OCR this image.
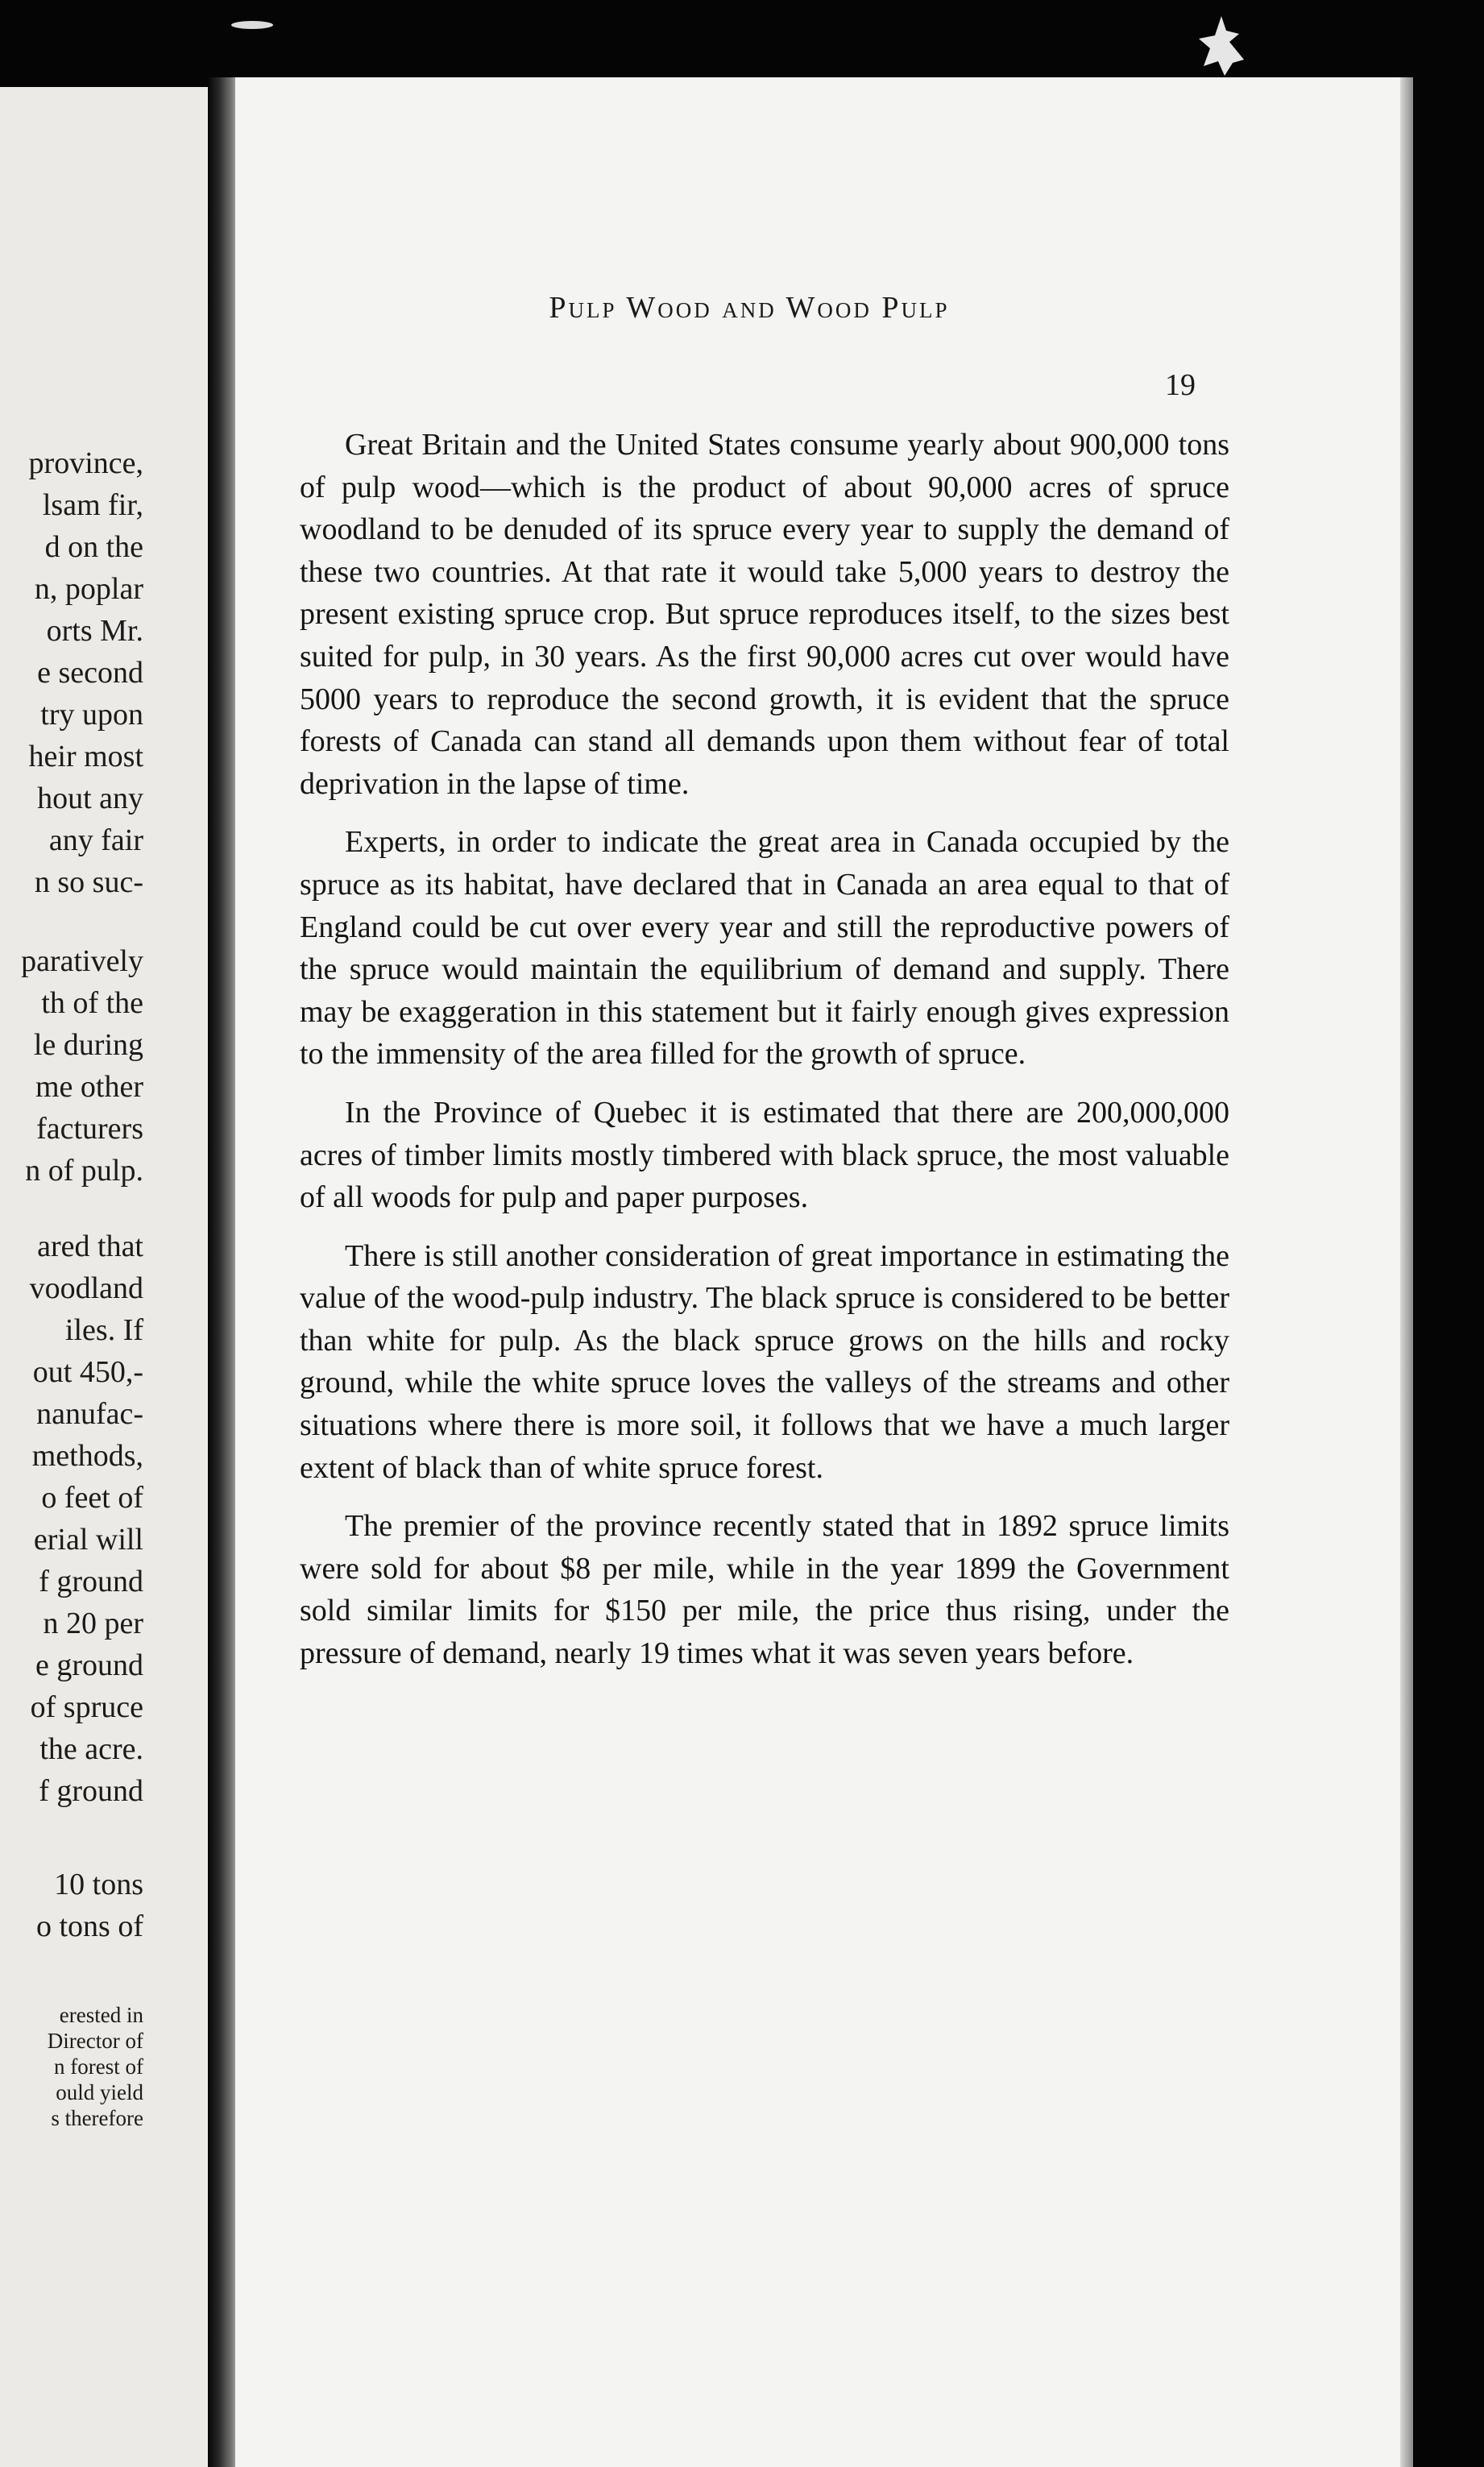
province,
lsam fir,
d on the
n, poplar
orts Mr.
e second
try upon
heir most
hout any
any fair
n so suc-
paratively
th of the
le during
me other
facturers
n of pulp.
ared that
voodland
iles. If
out 450,-
nanufac-
methods,
o feet of
erial will
f ground
n 20 per
e ground
of spruce
the acre.
f ground
10 tons
o tons of
erested in
Director of
n forest of
ould yield
s therefore
Pulp Wood and Wood Pulp
19

Great Britain and the United States consume yearly about 900,000 tons of pulp wood—which is the product of about 90,000 acres of spruce woodland to be denuded of its spruce every year to supply the demand of these two countries. At that rate it would take 5,000 years to destroy the present existing spruce crop. But spruce reproduces itself, to the sizes best suited for pulp, in 30 years. As the first 90,000 acres cut over would have 5000 years to reproduce the second growth, it is evident that the spruce forests of Canada can stand all demands upon them without fear of total deprivation in the lapse of time.

Experts, in order to indicate the great area in Canada occupied by the spruce as its habitat, have declared that in Canada an area equal to that of England could be cut over every year and still the reproductive powers of the spruce would maintain the equilibrium of demand and supply. There may be exaggeration in this statement but it fairly enough gives expression to the immensity of the area filled for the growth of spruce.

In the Province of Quebec it is estimated that there are 200,000,000 acres of timber limits mostly timbered with black spruce, the most valuable of all woods for pulp and paper purposes.

There is still another consideration of great importance in estimating the value of the wood-pulp industry. The black spruce is considered to be better than white for pulp. As the black spruce grows on the hills and rocky ground, while the white spruce loves the valleys of the streams and other situations where there is more soil, it follows that we have a much larger extent of black than of white spruce forest.

The premier of the province recently stated that in 1892 spruce limits were sold for about $8 per mile, while in the year 1899 the Government sold similar limits for $150 per mile, the price thus rising, under the pressure of demand, nearly 19 times what it was seven years before.
